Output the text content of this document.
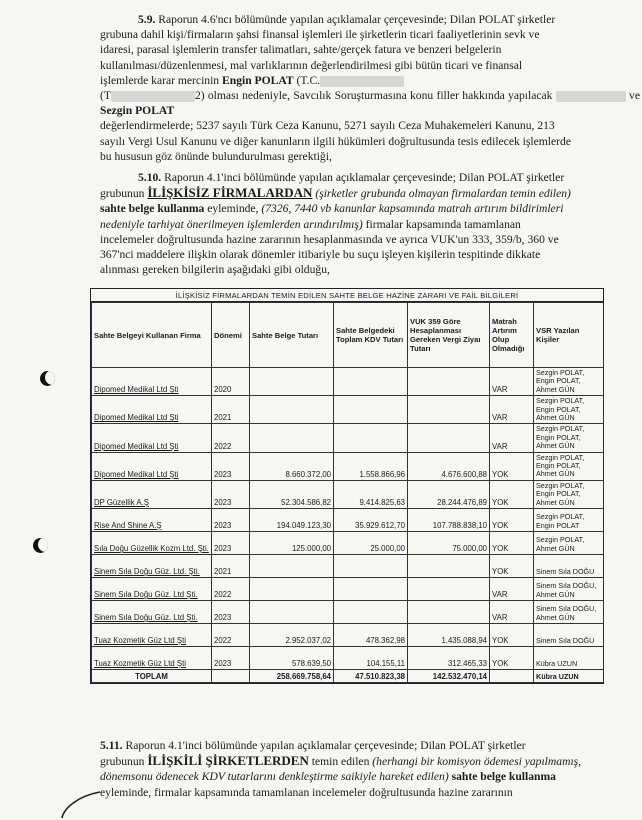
5.9. Raporun 4.6'ncı bölümünde yapılan açıklamalar çerçevesinde; Dilan POLAT şirketler
grubuna dahil kişi/firmaların şahsi finansal işlemleri ile şirketlerin ticari faaliyetlerinin sevk ve
idaresi, parasal işlemlerin transfer talimatları, sahte/gerçek fatura ve benzeri belgelerin
kullanılması/düzenlenmesi, mal varlıklarının değerlendirilmesi gibi bütün ticari ve finansal
işlemlerde karar mercinin Engin POLAT (T.C.
(T	2) olması nedeniyle, Savcılık Soruşturmasına konu filler hakkında yapılacak	ve Sezgin POLAT
değerlendirmelerde; 5237 sayılı Türk Ceza Kanunu, 5271 sayılı Ceza Muhakemeleri Kanunu, 213
sayılı Vergi Usul Kanunu ve diğer kanunların ilgili hükümleri doğrultusunda tesis edilecek işlemlerde
bu hususun göz önünde bulundurulması gerektiği,
5.10. Raporun 4.1'inci bölümünde yapılan açıklamalar çerçevesinde; Dilan POLAT şirketler
grubunun İLİŞKİSİZ FİRMALARDAN (şirketler grubunda olmayan firmalardan temin edilen)
sahte belge kullanma eyleminde, (7326, 7440 vb kanunlar kapsamında matrah artırım bildirimleri
nedeniyle tarhiyat önerilmeyen işlemlerden arındırılmış) firmalar kapsamında tamamlanan
incelemeler doğrultusunda hazine zararının hesaplanmasında ve ayrıca VUK'un 333, 359/b, 360 ve
367'nci maddelere ilişkin olarak dönemler itibariyle bu suçu işleyen kişilerin tespitinde dikkate
alınması gereken bilgilerin aşağıdaki gibi olduğu,
İLİŞKİSİZ FİRMALARDAN TEMİN EDİLEN SAHTE BELGE HAZİNE ZARARI VE FAİL BİLGİLERİ
Sahte Belgeyi Kullanan Firma	Dönemi	Sahte Belge Tutarı	Sahte Belgedeki Toplam KDV Tutarı	VUK 359 Göre Hesaplanması Gereken Vergi Ziyaı Tutarı	Matrah Artırım Olup Olmadığı	VSR Yazılan Kişiler
Dipomed Medikal Ltd Şti	2020				VAR	Sezgin POLAT, Engin POLAT, Ahmet GÜN
Dipomed Medikal Ltd Şti	2021				VAR	Sezgin POLAT, Engin POLAT, Ahmet GÜN
Dipomed Medikal Ltd Şti	2022				VAR	Sezgin POLAT, Engin POLAT, Ahmet GÜN
Dipomed Medikal Ltd Şti	2023	8.660.372,00	1.558.866,96	4.676.600,88	YOK	Sezgin POLAT, Engin POLAT, Ahmet GÜN
DP Güzellik A.Ş	2023	52.304.586,82	9.414.825,63	28.244.476,89	YOK	Sezgin POLAT, Engin POLAT, Ahmet GÜN
Rise And Shine A.Ş	2023	194.049.123,30	35.929.612,70	107.788.838,10	YOK	Sezgin POLAT, Engin POLAT
Sıla Doğu Güzellik Kozm Ltd. Şti.	2023	125.000,00	25.000,00	75.000,00	YOK	Sezgin POLAT, Ahmet GÜN
Sinem Sıla Doğu Güz. Ltd. Şti.	2021				YOK	Sinem Sıla DOĞU
Sinem Sıla Doğu Güz. Ltd Şti.	2022				VAR	Sinem Sıla DOĞU, Ahmet GÜN
Sinem Sıla Doğu Güz. Ltd Şti.	2023				VAR	Sinem Sıla DOĞU, Ahmet GÜN
Tuaz Kozmetik Güz Ltd Şti	2022	2.952.037,02	478.362,98	1.435.088,94	YOK	Sinem Sıla DOĞU
Tuaz Kozmetik Güz Ltd Şti	2023	578.639,50	104.155,11	312.465,33	YOK	Kübra UZUN
TOPLAM		258.669.758,64	47.510.823,38	142.532.470,14		Kübra UZUN
5.11. Raporun 4.1'inci bölümünde yapılan açıklamalar çerçevesinde; Dilan POLAT şirketler
grubunun İLİŞKİLİ ŞİRKETLERDEN temin edilen (herhangi bir komisyon ödemesi yapılmamış,
dönemsonu ödenecek KDV tutarlarını denkleştirme saikiyle hareket edilen) sahte belge kullanma
eyleminde, firmalar kapsamında tamamlanan incelemeler doğrultusunda hazine zararının
